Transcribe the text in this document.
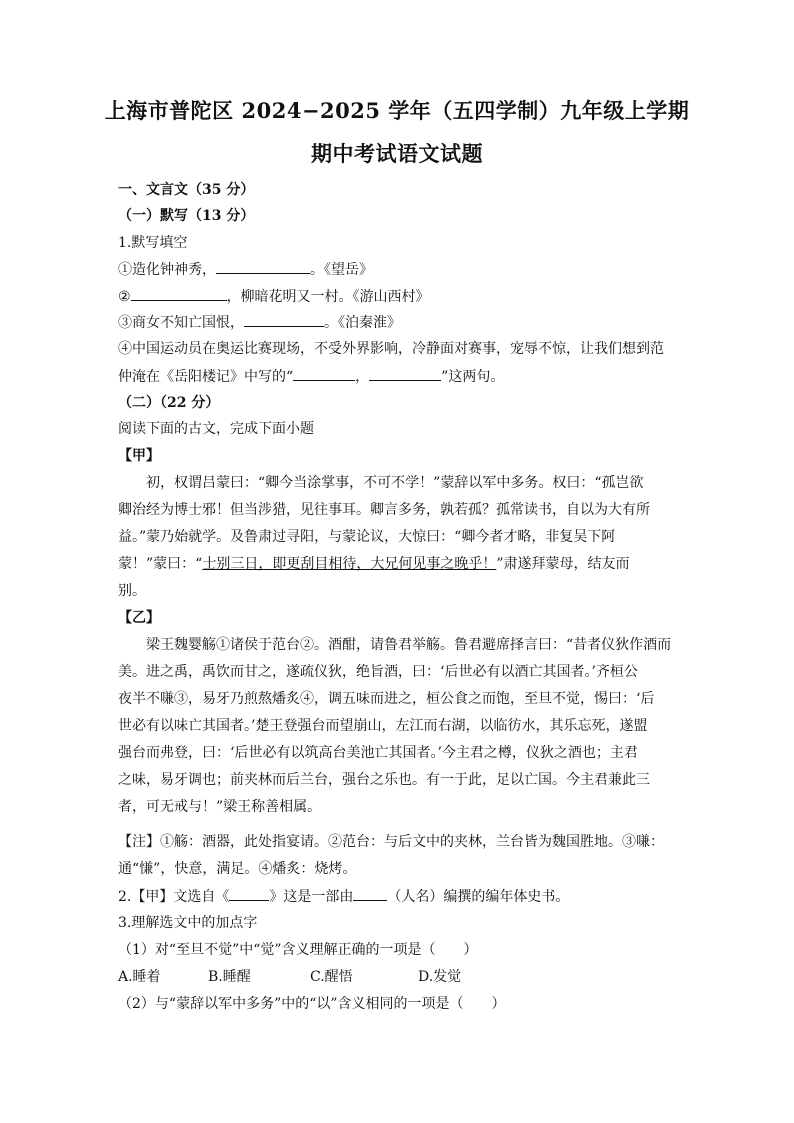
上海市普陀区 2024−2025 学年（五四学制）九年级上学期
期中考试语文试题
一、文言文（35 分）
（一）默写（13 分）
1.默写填空
①造化钟神秀，	。《望岳》
②	，柳暗花明又一村。《游山西村》
③商女不知亡国恨，	。《泊秦淮》
④中国运动员在奥运比赛现场，不受外界影响，冷静面对赛事，宠辱不惊，让我们想到范
仲淹在《岳阳楼记》中写的“	，	”这两句。
（二）（22 分）
阅读下面的古文，完成下面小题
【甲】
初，权谓吕蒙曰：“卿今当涂掌事，不可不学！”蒙辞以军中多务。权曰：“孤岂欲
卿治经为博士邪！但当涉猎，见往事耳。卿言多务，孰若孤？孤常读书，自以为大有所
益。”蒙乃始就学。及鲁肃过寻阳，与蒙论议，大惊曰：“卿今者才略，非复吴下阿
蒙！”蒙曰：“士别三日，即更刮目相待，大兄何见事之晚乎！”肃遂拜蒙母，结友而
别。
【乙】
梁王魏婴觞①诸侯于范台②。酒酣，请鲁君举觞。鲁君避席择言曰：“昔者仪狄作酒而
美。进之禹，禹饮而甘之，遂疏仪狄，绝旨酒，曰：‘后世必有以酒亡其国者。’齐桓公
夜半不嗛③，易牙乃煎熬燔炙④，调五味而进之，桓公食之而饱，至旦不觉，惕曰：‘后
世必有以味亡其国者。’楚王登强台而望崩山，左江而右湖，以临彷水，其乐忘死，遂盟
强台而弗登，曰：‘后世必有以筑高台美池亡其国者。’今主君之樽，仪狄之酒也；主君
之味，易牙调也；前夹林而后兰台，强台之乐也。有一于此，足以亡国。今主君兼此三
者，可无戒与！”梁王称善相属。
【注】①觞：酒器，此处指宴请。②范台：与后文中的夹林，兰台皆为魏国胜地。③嗛：
通“慊”，快意，满足。④燔炙：烧烤。
2.【甲】文选自《	》这是一部由 （人名）编撰的编年体史书。
3.理解选文中的加点字
（1）对“至旦不觉”中“觉”含义理解正确的一项是（　　）
A.睡着	B.睡醒	C.醒悟	D.发觉
（2）与“蒙辞以军中多务”中的“以”含义相同的一项是（　　）
